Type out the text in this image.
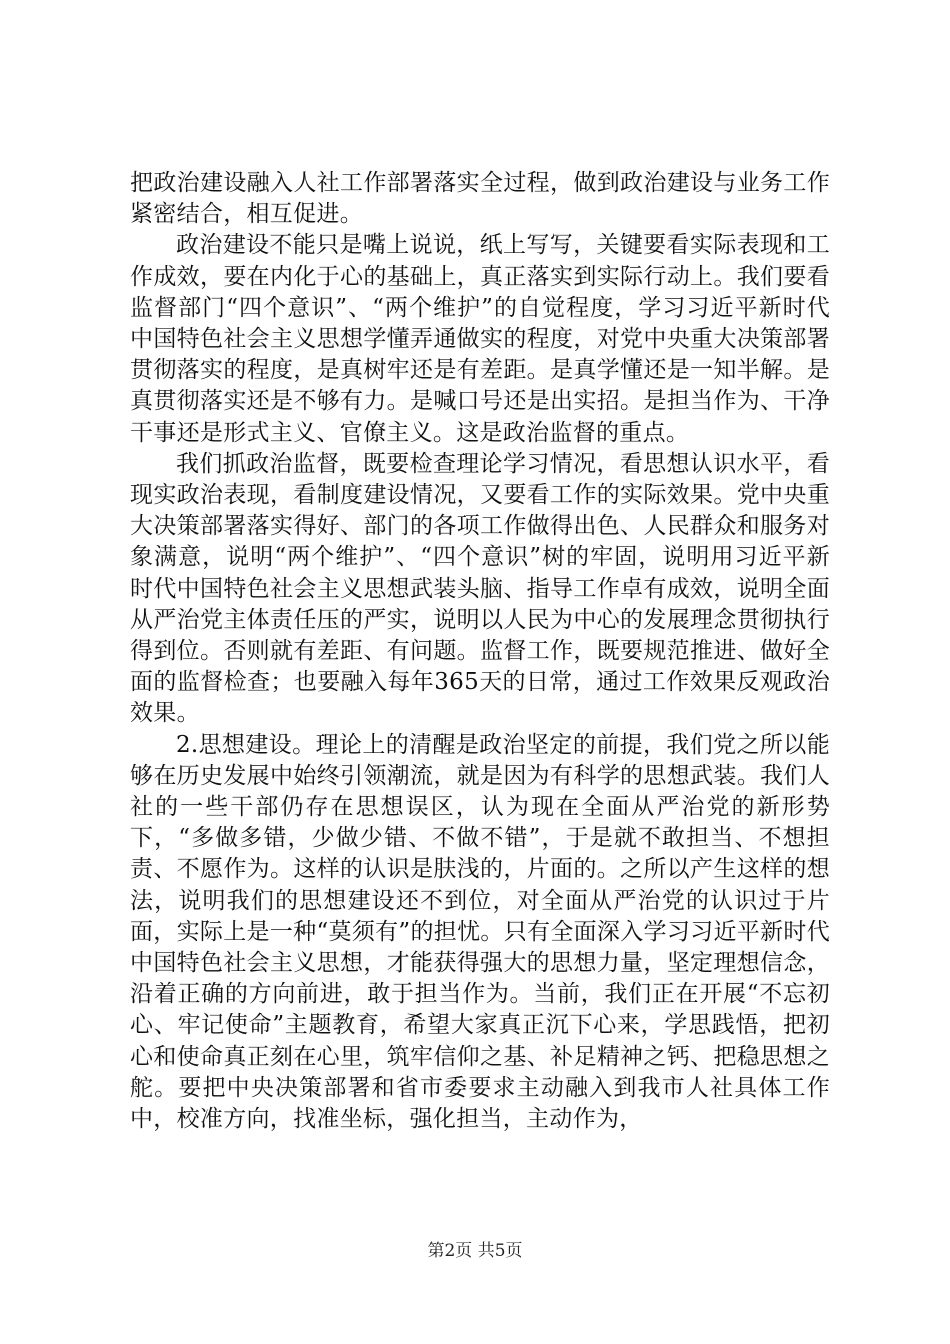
把政治建设融入人社工作部署落实全过程，做到政治建设与业务工作紧密结合，相互促进。

政治建设不能只是嘴上说说，纸上写写，关键要看实际表现和工作成效，要在内化于心的基础上，真正落实到实际行动上。我们要看监督部门“四个意识”、“两个维护”的自觉程度，学习习近平新时代中国特色社会主义思想学懂弄通做实的程度，对党中央重大决策部署贯彻落实的程度，是真树牢还是有差距。是真学懂还是一知半解。是真贯彻落实还是不够有力。是喊口号还是出实招。是担当作为、干净干事还是形式主义、官僚主义。这是政治监督的重点。

我们抓政治监督，既要检查理论学习情况，看思想认识水平，看现实政治表现，看制度建设情况，又要看工作的实际效果。党中央重大决策部署落实得好、部门的各项工作做得出色、人民群众和服务对象满意，说明“两个维护”、“四个意识”树的牢固，说明用习近平新时代中国特色社会主义思想武装头脑、指导工作卓有成效，说明全面从严治党主体责任压的严实，说明以人民为中心的发展理念贯彻执行得到位。否则就有差距、有问题。监督工作，既要规范推进、做好全面的监督检查；也要融入每年365天的日常，通过工作效果反观政治效果。

2.思想建设。理论上的清醒是政治坚定的前提，我们党之所以能够在历史发展中始终引领潮流，就是因为有科学的思想武装。我们人社的一些干部仍存在思想误区，认为现在全面从严治党的新形势下，“多做多错，少做少错、不做不错”，于是就不敢担当、不想担责、不愿作为。这样的认识是肤浅的，片面的。之所以产生这样的想法，说明我们的思想建设还不到位，对全面从严治党的认识过于片面，实际上是一种“莫须有”的担忧。只有全面深入学习习近平新时代中国特色社会主义思想，才能获得强大的思想力量，坚定理想信念，沿着正确的方向前进，敢于担当作为。当前，我们正在开展“不忘初心、牢记使命”主题教育，希望大家真正沉下心来，学思践悟，把初心和使命真正刻在心里，筑牢信仰之基、补足精神之钙、把稳思想之舵。要把中央决策部署和省市委要求主动融入到我市人社具体工作中，校准方向，找准坐标，强化担当，主动作为，

第2页 共5页
